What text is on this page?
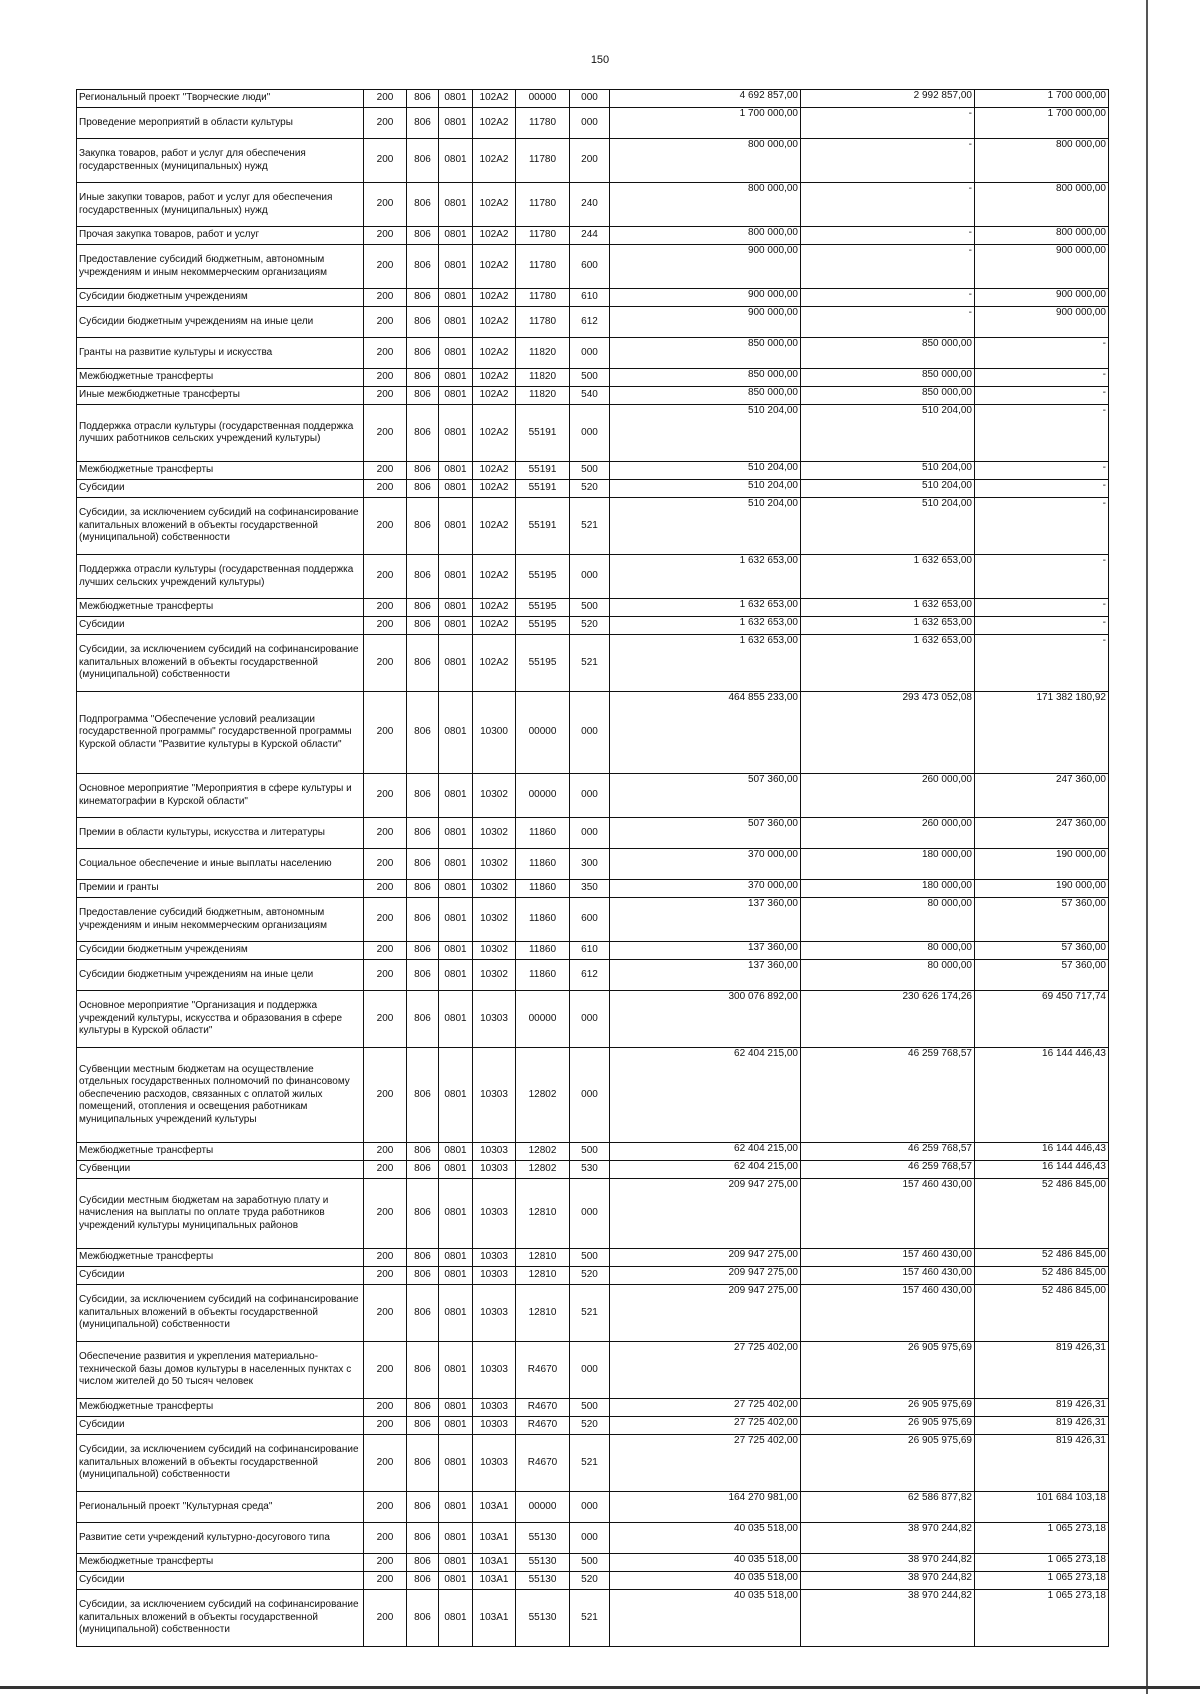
150
Региональный проект "Творческие люди"	200	806	0801	102А2	00000	000	4 692 857,00	2 992 857,00	1 700 000,00
Проведение мероприятий в области культуры	200	806	0801	102А2	11780	000	1 700 000,00	-	1 700 000,00
Закупка товаров, работ и услуг для обеспечения государственных (муниципальных) нужд	200	806	0801	102А2	11780	200	800 000,00	-	800 000,00
Иные закупки товаров, работ и услуг для обеспечения государственных (муниципальных) нужд	200	806	0801	102А2	11780	240	800 000,00	-	800 000,00
Прочая закупка товаров, работ и услуг	200	806	0801	102А2	11780	244	800 000,00	-	800 000,00
Предоставление субсидий бюджетным, автономным учреждениям и иным некоммерческим организациям	200	806	0801	102А2	11780	600	900 000,00	-	900 000,00
Субсидии бюджетным учреждениям	200	806	0801	102А2	11780	610	900 000,00	-	900 000,00
Субсидии бюджетным учреждениям на иные цели	200	806	0801	102А2	11780	612	900 000,00	-	900 000,00
Гранты на развитие культуры и искусства	200	806	0801	102А2	11820	000	850 000,00	850 000,00	-
Межбюджетные трансферты	200	806	0801	102А2	11820	500	850 000,00	850 000,00	-
Иные межбюджетные трансферты	200	806	0801	102А2	11820	540	850 000,00	850 000,00	-
Поддержка отрасли культуры (государственная поддержка лучших работников сельских учреждений культуры)	200	806	0801	102А2	55191	000	510 204,00	510 204,00	-
Межбюджетные трансферты	200	806	0801	102А2	55191	500	510 204,00	510 204,00	-
Субсидии	200	806	0801	102А2	55191	520	510 204,00	510 204,00	-
Субсидии, за исключением субсидий на софинансирование капитальных вложений в объекты государственной (муниципальной) собственности	200	806	0801	102А2	55191	521	510 204,00	510 204,00	-
Поддержка отрасли культуры (государственная поддержка лучших сельских учреждений культуры)	200	806	0801	102А2	55195	000	1 632 653,00	1 632 653,00	-
Межбюджетные трансферты	200	806	0801	102А2	55195	500	1 632 653,00	1 632 653,00	-
Субсидии	200	806	0801	102А2	55195	520	1 632 653,00	1 632 653,00	-
Субсидии, за исключением субсидий на софинансирование капитальных вложений в объекты государственной (муниципальной) собственности	200	806	0801	102А2	55195	521	1 632 653,00	1 632 653,00	-
Подпрограмма "Обеспечение условий реализации государственной программы" государственной программы Курской области "Развитие культуры в Курской области"	200	806	0801	10300	00000	000	464 855 233,00	293 473 052,08	171 382 180,92
Основное мероприятие "Мероприятия в сфере культуры и кинематографии в Курской области"	200	806	0801	10302	00000	000	507 360,00	260 000,00	247 360,00
Премии в области культуры, искусства и литературы	200	806	0801	10302	11860	000	507 360,00	260 000,00	247 360,00
Социальное обеспечение и иные выплаты населению	200	806	0801	10302	11860	300	370 000,00	180 000,00	190 000,00
Премии и гранты	200	806	0801	10302	11860	350	370 000,00	180 000,00	190 000,00
Предоставление субсидий бюджетным, автономным учреждениям и иным некоммерческим организациям	200	806	0801	10302	11860	600	137 360,00	80 000,00	57 360,00
Субсидии бюджетным учреждениям	200	806	0801	10302	11860	610	137 360,00	80 000,00	57 360,00
Субсидии бюджетным учреждениям на иные цели	200	806	0801	10302	11860	612	137 360,00	80 000,00	57 360,00
Основное мероприятие "Организация и поддержка учреждений культуры, искусства и образования в сфере культуры в Курской области"	200	806	0801	10303	00000	000	300 076 892,00	230 626 174,26	69 450 717,74
Субвенции местным бюджетам на осуществление отдельных государственных полномочий по финансовому обеспечению расходов, связанных с оплатой жилых помещений, отопления и освещения работникам муниципальных учреждений культуры	200	806	0801	10303	12802	000	62 404 215,00	46 259 768,57	16 144 446,43
Межбюджетные трансферты	200	806	0801	10303	12802	500	62 404 215,00	46 259 768,57	16 144 446,43
Субвенции	200	806	0801	10303	12802	530	62 404 215,00	46 259 768,57	16 144 446,43
Субсидии местным бюджетам на заработную плату и начисления на выплаты по оплате труда работников учреждений культуры муниципальных районов	200	806	0801	10303	12810	000	209 947 275,00	157 460 430,00	52 486 845,00
Межбюджетные трансферты	200	806	0801	10303	12810	500	209 947 275,00	157 460 430,00	52 486 845,00
Субсидии	200	806	0801	10303	12810	520	209 947 275,00	157 460 430,00	52 486 845,00
Субсидии, за исключением субсидий на софинансирование капитальных вложений в объекты государственной (муниципальной) собственности	200	806	0801	10303	12810	521	209 947 275,00	157 460 430,00	52 486 845,00
Обеспечение развития и укрепления материально-технической базы домов культуры в населенных пунктах с числом жителей до 50 тысяч человек	200	806	0801	10303	R4670	000	27 725 402,00	26 905 975,69	819 426,31
Межбюджетные трансферты	200	806	0801	10303	R4670	500	27 725 402,00	26 905 975,69	819 426,31
Субсидии	200	806	0801	10303	R4670	520	27 725 402,00	26 905 975,69	819 426,31
Субсидии, за исключением субсидий на софинансирование капитальных вложений в объекты государственной (муниципальной) собственности	200	806	0801	10303	R4670	521	27 725 402,00	26 905 975,69	819 426,31
Региональный проект "Культурная среда"	200	806	0801	103А1	00000	000	164 270 981,00	62 586 877,82	101 684 103,18
Развитие сети учреждений культурно-досугового типа	200	806	0801	103А1	55130	000	40 035 518,00	38 970 244,82	1 065 273,18
Межбюджетные трансферты	200	806	0801	103А1	55130	500	40 035 518,00	38 970 244,82	1 065 273,18
Субсидии	200	806	0801	103А1	55130	520	40 035 518,00	38 970 244,82	1 065 273,18
Субсидии, за исключением субсидий на софинансирование капитальных вложений в объекты государственной (муниципальной) собственности	200	806	0801	103А1	55130	521	40 035 518,00	38 970 244,82	1 065 273,18
